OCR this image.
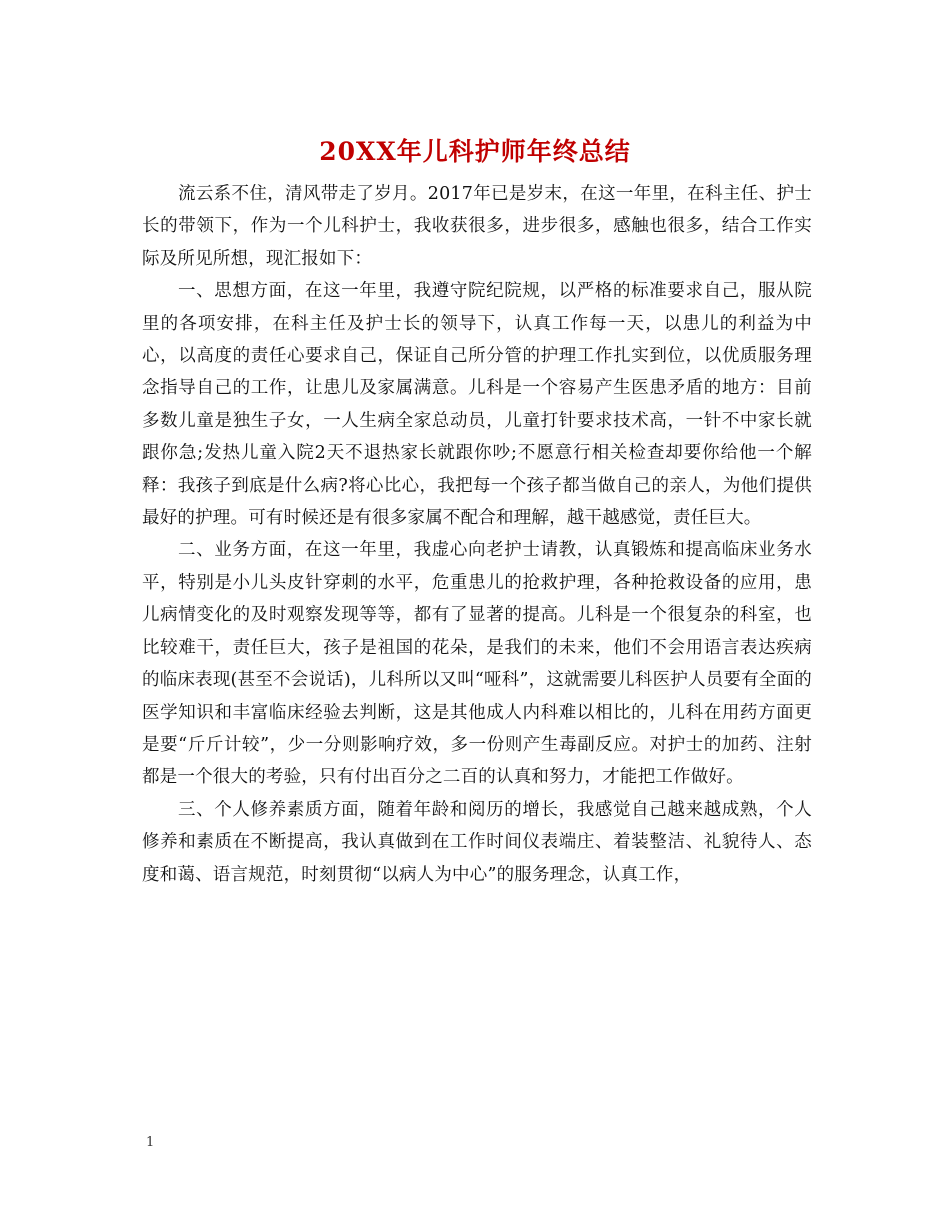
20XX年儿科护师年终总结

流云系不住，清风带走了岁月。2017年已是岁末，在这一年里，在科主任、护士长的带领下，作为一个儿科护士，我收获很多，进步很多，感触也很多，结合工作实际及所见所想，现汇报如下：

一、思想方面，在这一年里，我遵守院纪院规，以严格的标准要求自己，服从院里的各项安排，在科主任及护士长的领导下，认真工作每一天，以患儿的利益为中心，以高度的责任心要求自己，保证自己所分管的护理工作扎实到位，以优质服务理念指导自己的工作，让患儿及家属满意。儿科是一个容易产生医患矛盾的地方：目前多数儿童是独生子女，一人生病全家总动员，儿童打针要求技术高，一针不中家长就跟你急;发热儿童入院2天不退热家长就跟你吵;不愿意行相关检查却要你给他一个解释：我孩子到底是什么病?将心比心，我把每一个孩子都当做自己的亲人，为他们提供最好的护理。可有时候还是有很多家属不配合和理解，越干越感觉，责任巨大。

二、业务方面，在这一年里，我虚心向老护士请教，认真锻炼和提高临床业务水平，特别是小儿头皮针穿刺的水平，危重患儿的抢救护理，各种抢救设备的应用，患儿病情变化的及时观察发现等等，都有了显著的提高。儿科是一个很复杂的科室，也比较难干，责任巨大，孩子是祖国的花朵，是我们的未来，他们不会用语言表达疾病的临床表现(甚至不会说话)，儿科所以又叫“哑科”，这就需要儿科医护人员要有全面的医学知识和丰富临床经验去判断，这是其他成人内科难以相比的，儿科在用药方面更是要“斤斤计较”，少一分则影响疗效，多一份则产生毒副反应。对护士的加药、注射都是一个很大的考验，只有付出百分之二百的认真和努力，才能把工作做好。

三、个人修养素质方面，随着年龄和阅历的增长，我感觉自己越来越成熟，个人修养和素质在不断提高，我认真做到在工作时间仪表端庄、着装整洁、礼貌待人、态度和蔼、语言规范，时刻贯彻“以病人为中心”的服务理念，认真工作，

1
